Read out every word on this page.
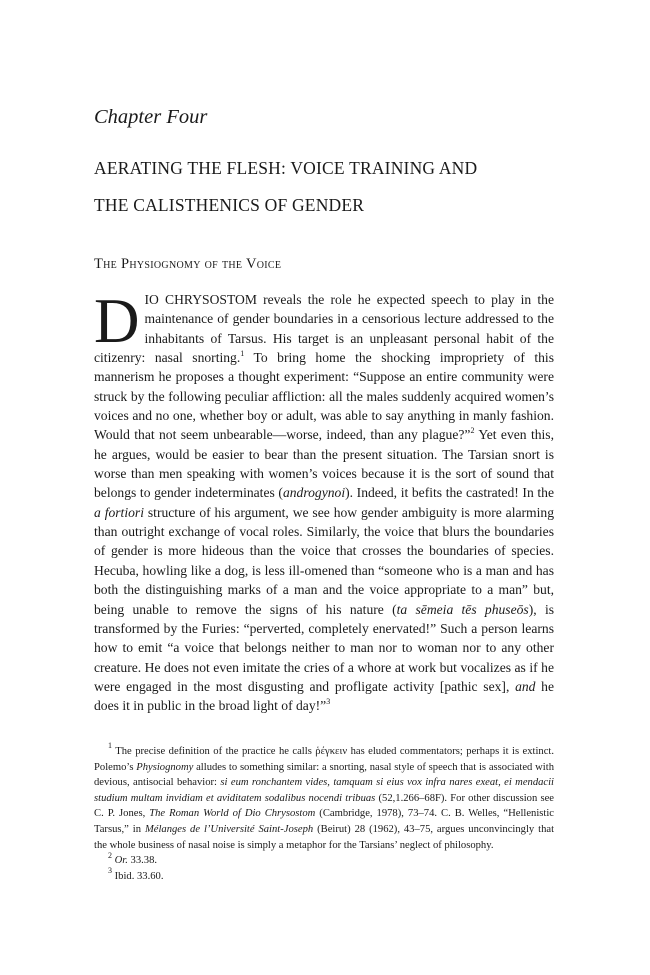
Chapter Four
AERATING THE FLESH: VOICE TRAINING AND
THE CALISTHENICS OF GENDER
The Physiognomy of the Voice

DIO CHRYSOSTOM reveals the role he expected speech to play in the maintenance of gender boundaries in a censorious lecture addressed to the inhabitants of Tarsus. His target is an unpleasant personal habit of the citizenry: nasal snorting.$^1$ To bring home the shocking impropriety of this mannerism he proposes a thought experiment: “Suppose an entire community were struck by the following peculiar affliction: all the males suddenly acquired women’s voices and no one, whether boy or adult, was able to say anything in manly fashion. Would that not seem unbearable—worse, indeed, than any plague?”$^2$ Yet even this, he argues, would be easier to bear than the present situation. The Tarsian snort is worse than men speaking with women’s voices because it is the sort of sound that belongs to gender indeterminates (androgynoi). Indeed, it befits the castrated! In the a fortiori structure of his argument, we see how gender ambiguity is more alarming than outright exchange of vocal roles. Similarly, the voice that blurs the boundaries of gender is more hideous than the voice that crosses the boundaries of species. Hecuba, howling like a dog, is less ill-omened than “someone who is a man and has both the distinguishing marks of a man and the voice appropriate to a man” but, being unable to remove the signs of his nature (ta sēmeia tēs phuseōs), is transformed by the Furies: “perverted, completely enervated!” Such a person learns how to emit “a voice that belongs neither to man nor to woman nor to any other creature. He does not even imitate the cries of a whore at work but vocalizes as if he were engaged in the most disgusting and profligate activity [pathic sex], and he does it in public in the broad light of day!”$^3$

$^1$ The precise definition of the practice he calls ῥέγκειν has eluded commentators; perhaps it is extinct. Polemo’s Physiognomy alludes to something similar: a snorting, nasal style of speech that is associated with devious, antisocial behavior: si eum ronchantem vides, tamquam si eius vox infra nares exeat, ei mendacii studium multam invidiam et aviditatem sodalibus nocendi tribuas (52,1.266–68F). For other discussion see C. P. Jones, The Roman World of Dio Chrysostom (Cambridge, 1978), 73–74. C. B. Welles, “Hellenistic Tarsus,” in Mélanges de l’Université Saint-Joseph (Beirut) 28 (1962), 43–75, argues unconvincingly that the whole business of nasal noise is simply a metaphor for the Tarsians’ neglect of philosophy.

$^2$ Or. 33.38.

$^3$ Ibid. 33.60.
